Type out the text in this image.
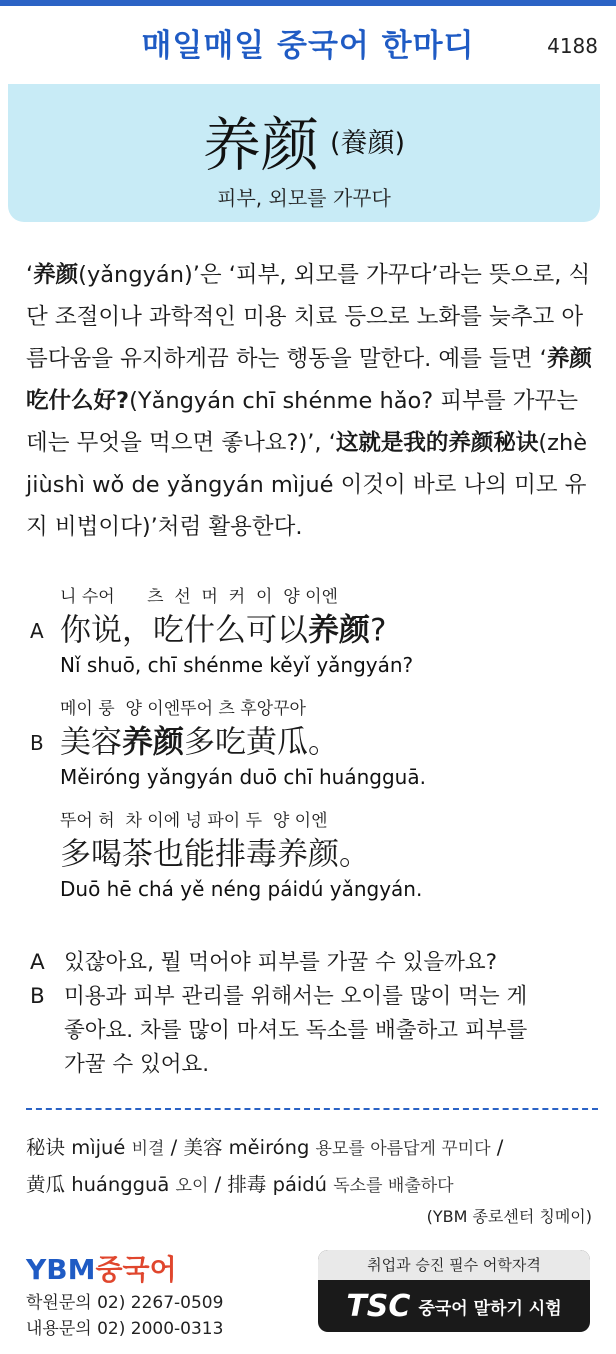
매일매일 중국어 한마디	4188
养颜 (養顔)
피부, 외모를 가꾸다
‘养颜(yǎngyán)’은 ‘피부, 외모를 가꾸다’라는 뜻으로, 식단 조절이나 과학적인 미용 치료 등으로 노화를 늦추고 아름다움을 유지하게끔 하는 행동을 말한다. 예를 들면 ‘养颜吃什么好?(Yǎngyán chī shénme hǎo? 피부를 가꾸는 데는 무엇을 먹으면 좋나요?)’, ‘这就是我的养颜秘诀(zhè jiùshì wǒ de yǎngyán mìjué 이것이 바로 나의 미모 유지 비법이다)’처럼 활용한다.
니 수어      츠  선  머  커  이  양 이엔
A 你说，吃什么可以养颜?
Nǐ shuō, chī shénme kěyǐ yǎngyán?
메이 룽  양 이엔뚜어 츠 후앙꾸아
B 美容养颜多吃黄瓜。
Měiróng yǎngyán duō chī huángguā.
뚜어 허  차 이에 넝 파이 두  양 이엔
多喝茶也能排毒养颜。
Duō hē chá yě néng páidú yǎngyán.
A 있잖아요, 뭘 먹어야 피부를 가꿀 수 있을까요?
B 미용과 피부 관리를 위해서는 오이를 많이 먹는 게
좋아요. 차를 많이 마셔도 독소를 배출하고 피부를
가꿀 수 있어요.
秘诀 mìjué 비결 / 美容 měiróng 용모를 아름답게 꾸미다 /
黄瓜 huángguā 오이 / 排毒 páidú 독소를 배출하다
(YBM 종로센터 칭메이)
YBM중국어
학원문의 02) 2267-0509
내용문의 02) 2000-0313
취업과 승진 필수 어학자격
TSC 중국어 말하기 시험
